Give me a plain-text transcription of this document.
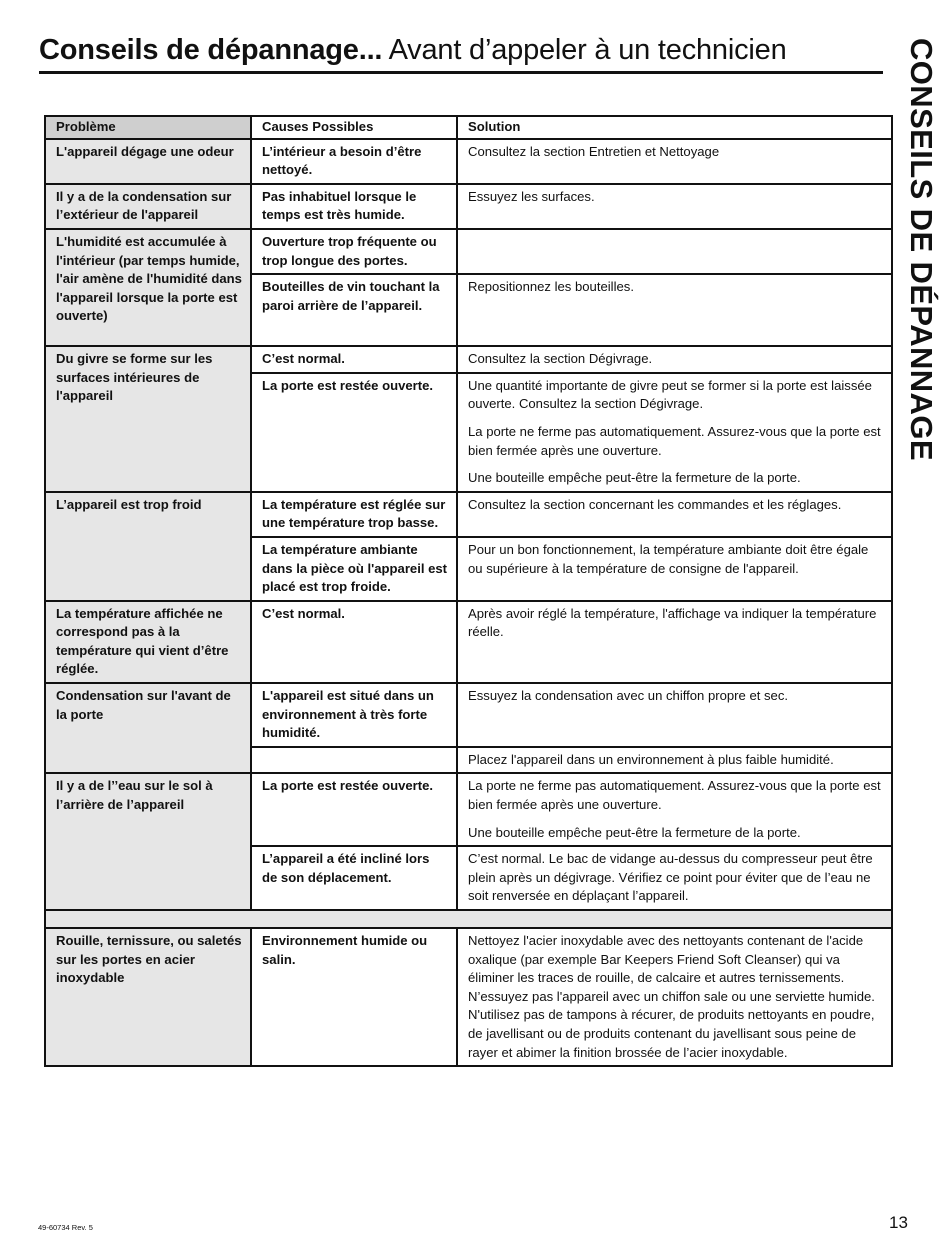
Conseils de dépannage... Avant d’appeler à un technicien	CONSEILS DE DÉPANNAGE
Problème	Causes Possibles	Solution
L'appareil dégage une odeur	L’intérieur a besoin d’être nettoyé.	Consultez la section Entretien et Nettoyage
Il y a de la condensation sur l’extérieur de l'appareil	Pas inhabituel lorsque le temps est très humide.	Essuyez les surfaces.
L'humidité est accumulée à l'intérieur (par temps humide, l'air amène de l'humidité dans l'appareil lorsque la porte est ouverte)	Ouverture trop fréquente ou trop longue des portes.	
	Bouteilles de vin touchant la paroi arrière de l’appareil.	Repositionnez les bouteilles.
Du givre se forme sur les surfaces intérieures de l'appareil	C’est normal.	Consultez la section Dégivrage.
	La porte est restée ouverte.	Une quantité importante de givre peut se former si la porte est laissée ouverte. Consultez la section Dégivrage.
La porte ne ferme pas automatiquement. Assurez-vous que la porte est bien fermée après une ouverture.
Une bouteille empêche peut-être la fermeture de la porte.

L’appareil est trop froid	La température est réglée sur une température trop basse.	Consultez la section concernant les commandes et les réglages.
	La température ambiante dans la pièce où l'appareil est placé est trop froide.	Pour un bon fonctionnement, la température ambiante doit être égale ou supérieure à la température de consigne de l'appareil.
La température affichée ne correspond pas à la température qui vient d’être réglée.	C’est normal.	Après avoir réglé la température, l'affichage va indiquer la température réelle.
Condensation sur l'avant de la porte	L'appareil est situé dans un environnement à très forte humidité.	Essuyez la condensation avec un chiffon propre et sec.
		Placez l'appareil dans un environnement à plus faible humidité.
Il y a de l’’eau sur le sol à l’arrière de l’appareil	La porte est restée ouverte.	La porte ne ferme pas automatiquement. Assurez-vous que la porte est bien fermée après une ouverture.
Une bouteille empêche peut-être la fermeture de la porte.

	L’appareil a été incliné lors de son déplacement.	C’est normal. Le bac de vidange au-dessus du compresseur peut être plein après un dégivrage. Vérifiez ce point pour éviter que de l’eau ne soit renversée en déplaçant l’appareil.

Rouille, ternissure, ou saletés sur les portes en acier inoxydable	Environnement humide ou salin.	Nettoyez l'acier inoxydable avec des nettoyants contenant de l'acide oxalique (par exemple Bar Keepers Friend Soft Cleanser) qui va éliminer les traces de rouille, de calcaire et autres ternissements. N’essuyez pas l'appareil avec un chiffon sale ou une serviette humide. N'utilisez pas de tampons à récurer, de produits nettoyants en poudre, de javellisant ou de produits contenant du javellisant sous peine de rayer et abimer la finition brossée de l’acier inoxydable.
49-60734 Rev. 5	13
